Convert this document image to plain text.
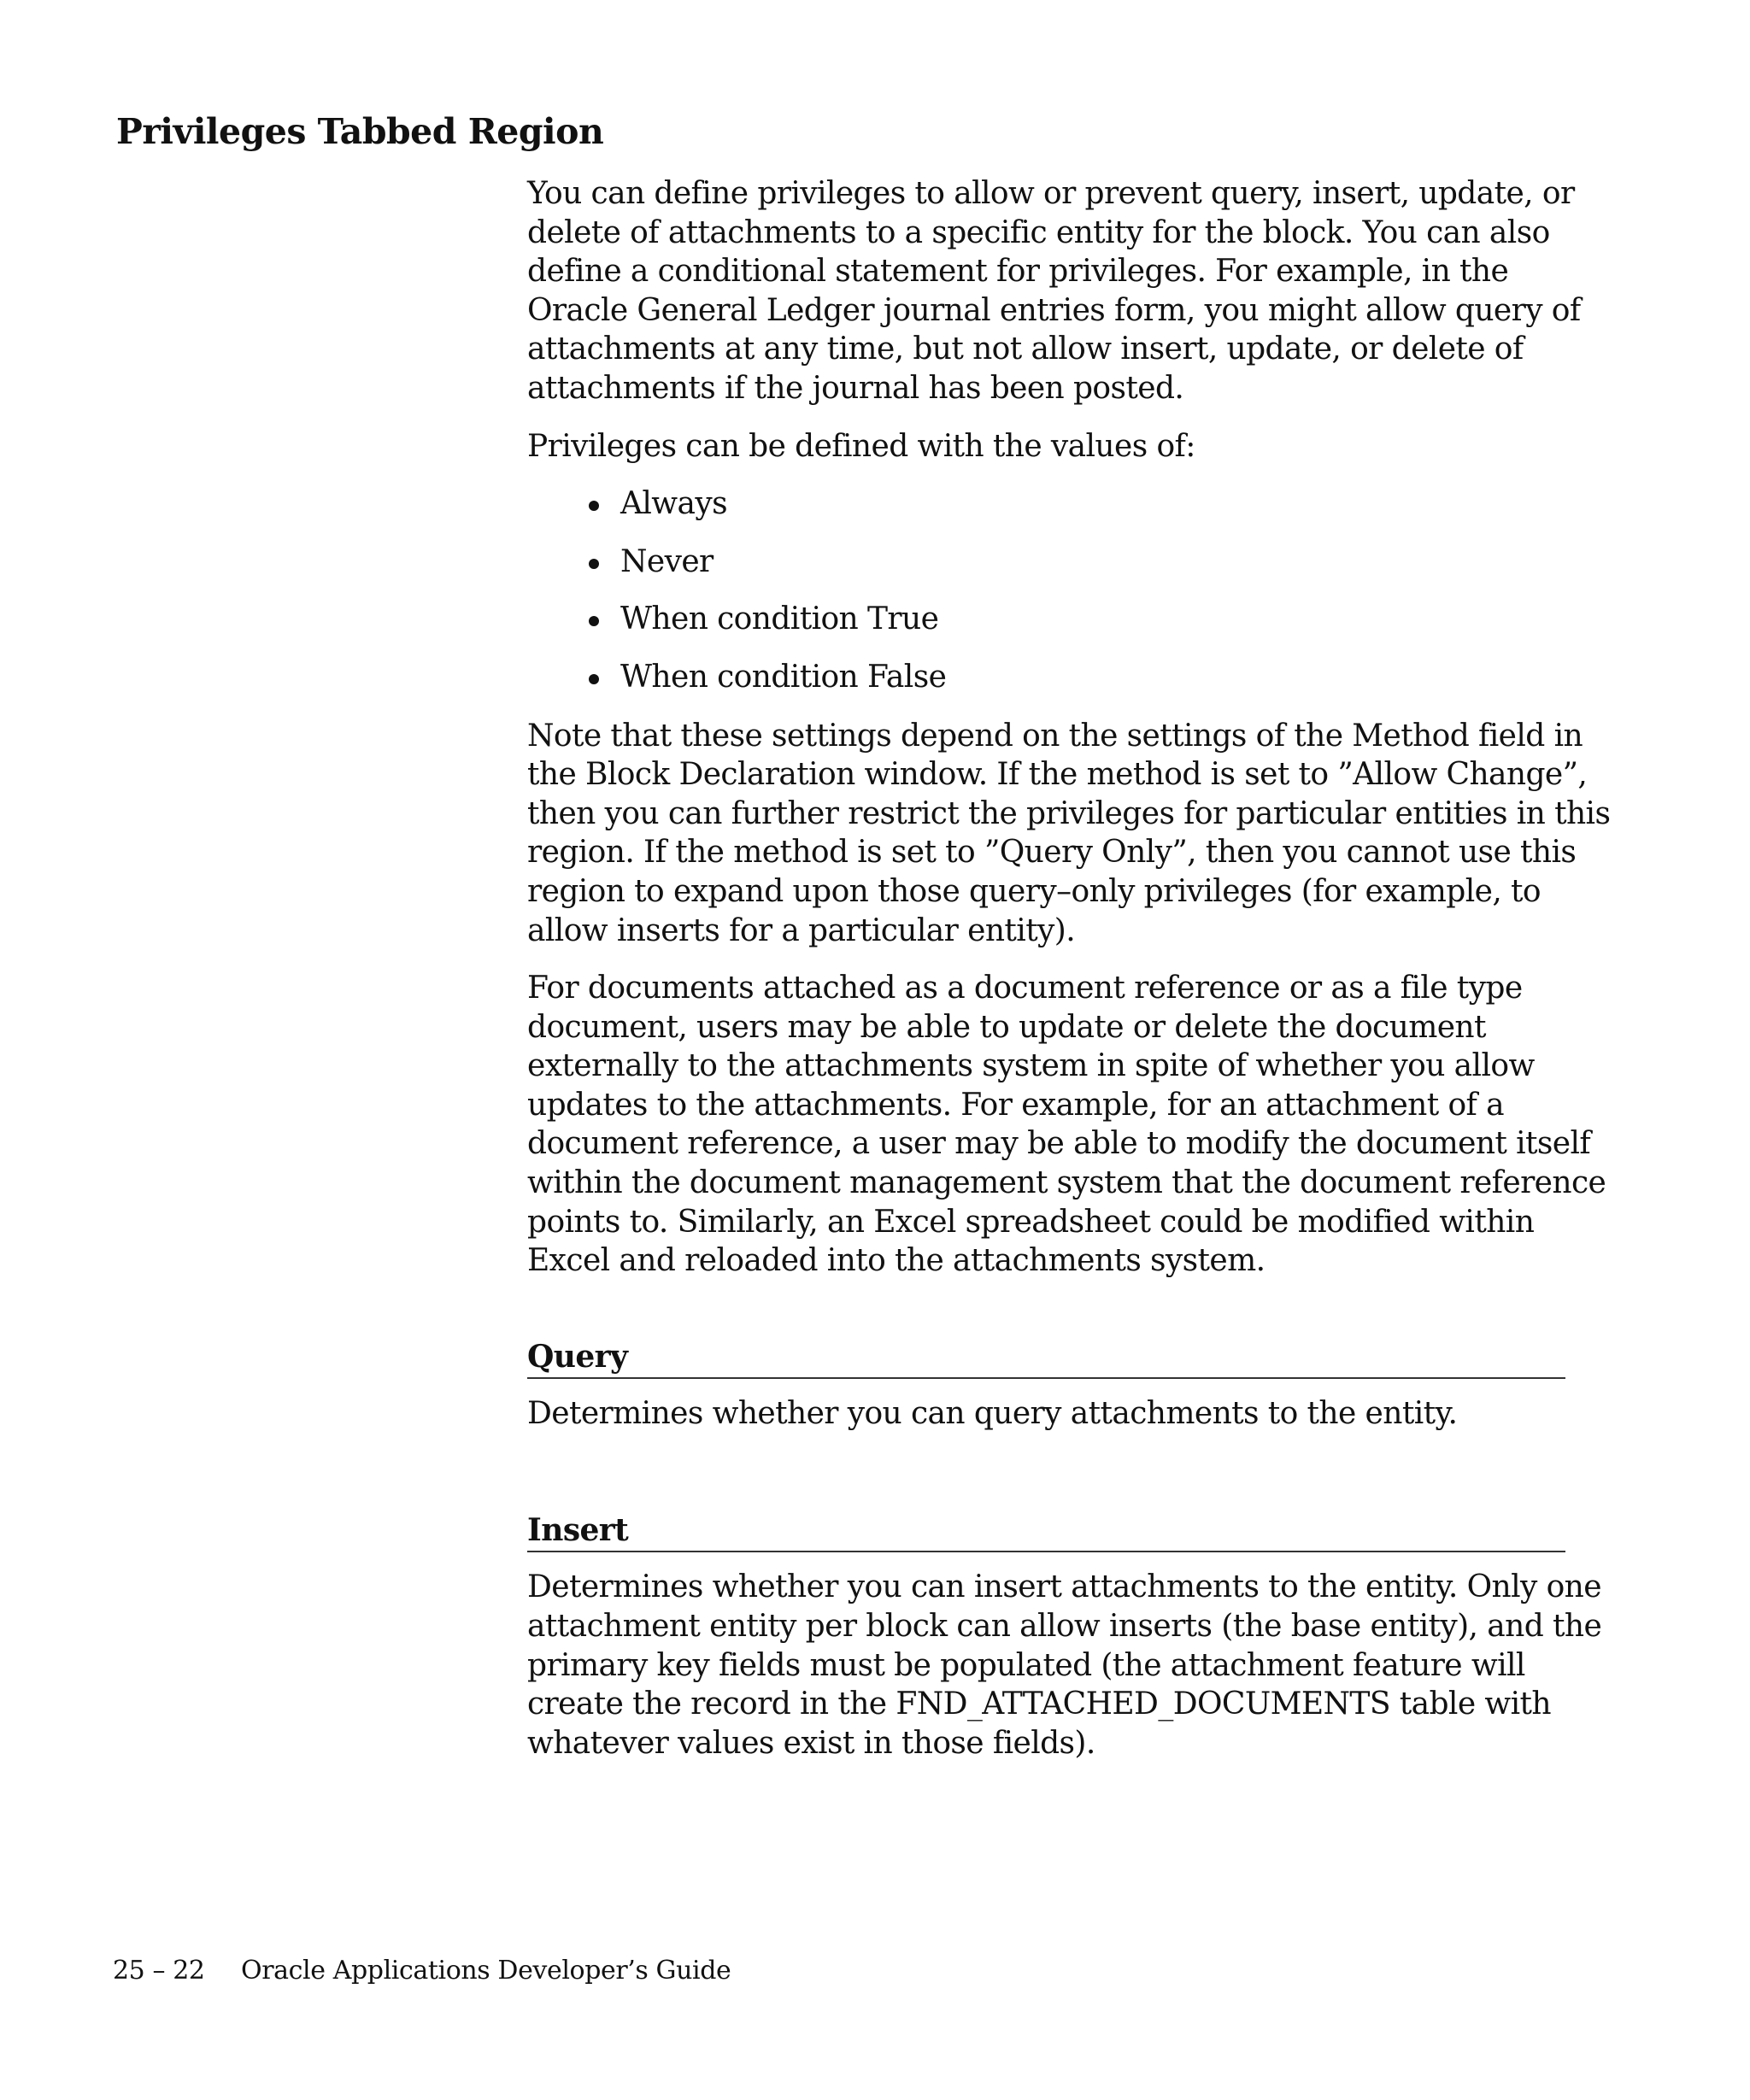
Privileges Tabbed Region

You can define privileges to allow or prevent query, insert, update, or
delete of attachments to a specific entity for the block. You can also
define a conditional statement for privileges. For example, in the
Oracle General Ledger journal entries form, you might allow query of
attachments at any time, but not allow insert, update, or delete of
attachments if the journal has been posted.

Privileges can be defined with the values of:

Always
Never
When condition True
When condition False

Note that these settings depend on the settings of the Method field in
the Block Declaration window. If the method is set to ”Allow Change”,
then you can further restrict the privileges for particular entities in this
region. If the method is set to ”Query Only”, then you cannot use this
region to expand upon those query–only privileges (for example, to
allow inserts for a particular entity).

For documents attached as a document reference or as a file type
document, users may be able to update or delete the document
externally to the attachments system in spite of whether you allow
updates to the attachments. For example, for an attachment of a
document reference, a user may be able to modify the document itself
within the document management system that the document reference
points to. Similarly, an Excel spreadsheet could be modified within
Excel and reloaded into the attachments system.

Query

Determines whether you can query attachments to the entity.

Insert

Determines whether you can insert attachments to the entity. Only one
attachment entity per block can allow inserts (the base entity), and the
primary key fields must be populated (the attachment feature will
create the record in the FND_ATTACHED_DOCUMENTS table with
whatever values exist in those fields).

25 – 22 Oracle Applications Developer’s Guide
